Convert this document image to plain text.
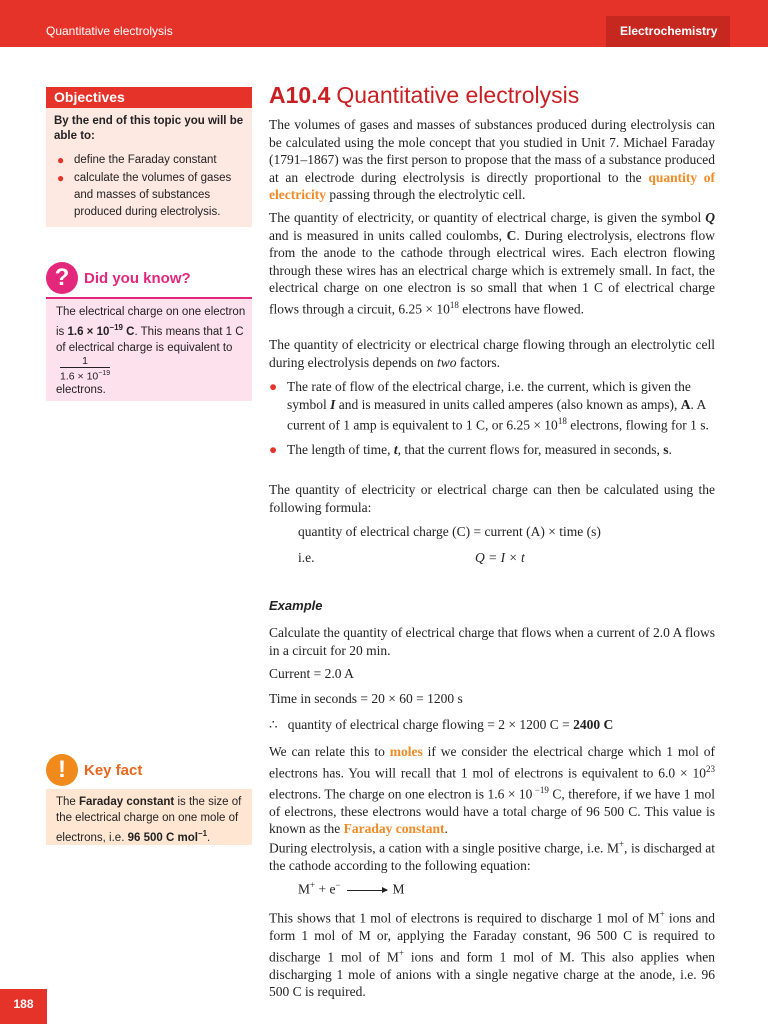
Quantitative electrolysis	Electrochemistry
Objectives
By the end of this topic you will be able to:
● define the Faraday constant
● calculate the volumes of gases and masses of substances produced during electrolysis.
? Did you know?
The electrical charge on one electron is $1.6 \times 10^{-19}$ C. This means that 1 C of electrical charge is equivalent to
$\frac{1}{1.6 \times 10^{-19}}$

electrons.
A10.4 Quantitative electrolysis

The volumes of gases and masses of substances produced during electrolysis can be calculated using the mole concept that you studied in Unit 7. Michael Faraday (1791–1867) was the first person to propose that the mass of a substance produced at an electrode during electrolysis is directly proportional to the quantity of electricity passing through the electrolytic cell.

The quantity of electricity, or quantity of electrical charge, is given the symbol Q and is measured in units called coulombs, C. During electrolysis, electrons flow from the anode to the cathode through electrical wires. Each electron flowing through these wires has an electrical charge which is extremely small. In fact, the electrical charge on one electron is so small that when 1 C of electrical charge flows through a circuit, $6.25 \times 10^{18}$ electrons have flowed.

The quantity of electricity or electrical charge flowing through an electrolytic cell during electrolysis depends on two factors.

● The rate of flow of the electrical charge, i.e. the current, which is given the symbol I and is measured in units called amperes (also known as amps), A. A current of 1 amp is equivalent to 1 C, or $6.25 \times 10^{18}$ electrons, flowing for 1 s.
● The length of time, t, that the current flows for, measured in seconds, s.

The quantity of electricity or electrical charge can then be calculated using the following formula:

quantity of electrical charge (C) = current (A) × time (s)
i.e.	Q = I × t
Example

Calculate the quantity of electrical charge that flows when a current of 2.0 A flows in a circuit for 20 min.

Current = 2.0 A
Time in seconds = 20 × 60 = 1200 s
∴ quantity of electrical charge flowing = 2 × 1200 C = 2400 C

We can relate this to moles if we consider the electrical charge which 1 mol of electrons has. You will recall that 1 mol of electrons is equivalent to $6.0 \times 10^{23}$ electrons. The charge on one electron is 1.6 × 10 $^{-19}$ C, therefore, if we have 1 mol of electrons, these electrons would have a total charge of 96 500 C. This value is known as the Faraday constant.

During electrolysis, a cation with a single positive charge, i.e. M+, is discharged at the cathode according to the following equation:

M+ + e−	M

This shows that 1 mol of electrons is required to discharge 1 mol of M+ ions and form 1 mol of M or, applying the Faraday constant, 96 500 C is required to discharge 1 mol of M+ ions and form 1 mol of M. This also applies when discharging 1 mole of anions with a single negative charge at the anode, i.e. 96 500 C is required.

!	Key fact
The Faraday constant is the size of the electrical charge on one mole of electrons, i.e. 96 500 C mol$^{-1}$.
188
